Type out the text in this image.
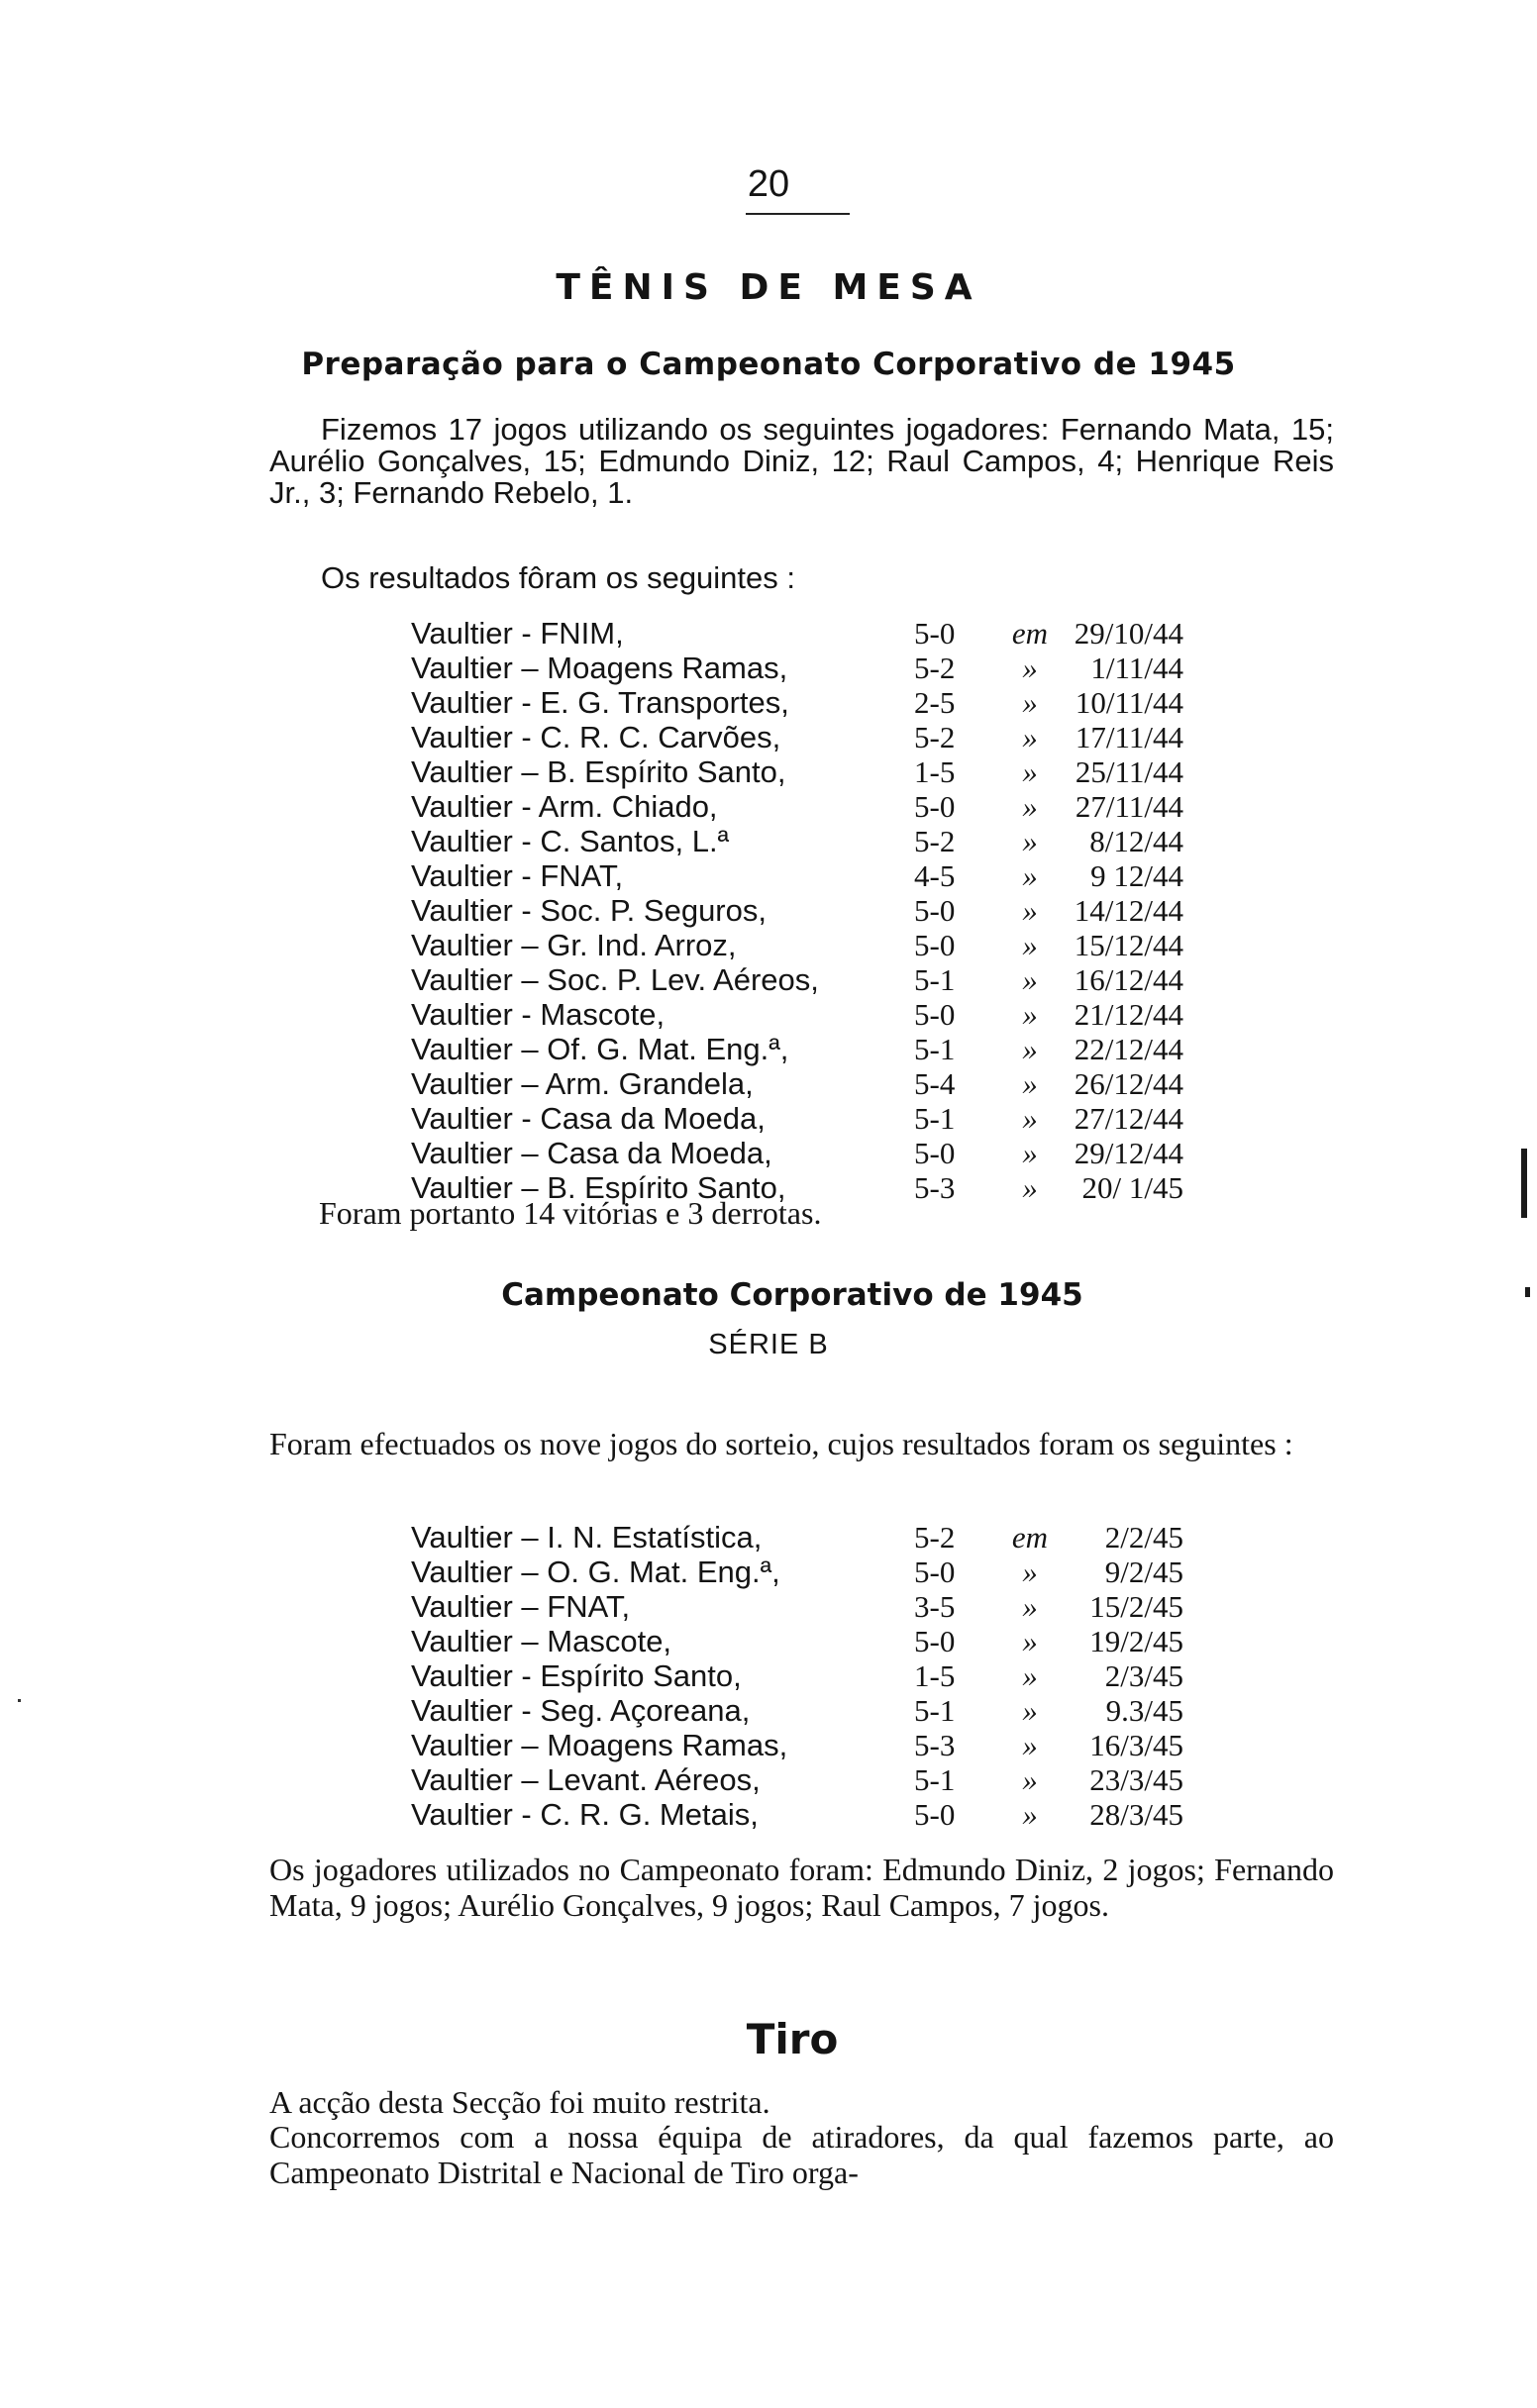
20
TÊNIS DE MESA
Preparação para o Campeonato Corporativo de 1945
Fizemos 17 jogos utilizando os seguintes jogadores: Fernando Mata, 15; Aurélio Gonçalves, 15; Edmundo Diniz, 12; Raul Campos, 4; Henrique Reis Jr., 3; Fernando Rebelo, 1.
Os resultados fôram os seguintes :
Vaultier - FNIM,	5-0 em 29/10/44
Vaultier – Moagens Ramas,	5-2	»	1/11/44
Vaultier - E. G. Transportes,	2-5	»	10/11/44
Vaultier - C. R. C. Carvões,	5-2	»	17/11/44
Vaultier – B. Espírito Santo,	1-5	»	25/11/44
Vaultier - Arm. Chiado,	5-0	»	27/11/44
Vaultier - C. Santos, L.ª	5-2	»	8/12/44
Vaultier - FNAT,	4-5	»	9 12/44
Vaultier - Soc. P. Seguros,	5-0	»	14/12/44
Vaultier – Gr. Ind. Arroz,	5-0	»	15/12/44
Vaultier – Soc. P. Lev. Aéreos,	5-1	»	16/12/44
Vaultier - Mascote,	5-0	»	21/12/44
Vaultier – Of. G. Mat. Eng.ª,	5-1	»	22/12/44
Vaultier – Arm. Grandela,	5-4	»	26/12/44
Vaultier - Casa da Moeda,	5-1	»	27/12/44
Vaultier – Casa da Moeda,	5-0	»	29/12/44
Vaultier – B. Espírito Santo,	5-3	»	20/ 1/45
Foram portanto 14 vitórias e 3 derrotas.
Campeonato Corporativo de 1945
SÉRIE B
Foram efectuados os nove jogos do sorteio, cujos resultados foram os seguintes :
Vaultier – I. N. Estatística,	5-2 em 2/2/45
Vaultier – O. G. Mat. Eng.ª,	5-0	»	9/2/45
Vaultier – FNAT,	3-5	»	15/2/45
Vaultier – Mascote,	5-0	»	19/2/45
Vaultier - Espírito Santo,	1-5	»	2/3/45
Vaultier - Seg. Açoreana,	5-1	»	9.3/45
Vaultier – Moagens Ramas,	5-3	»	16/3/45
Vaultier – Levant. Aéreos,	5-1	»	23/3/45
Vaultier - C. R. G. Metais,	5-0	»	28/3/45
Os jogadores utilizados no Campeonato foram: Edmundo Diniz, 2 jogos; Fernando Mata, 9 jogos; Aurélio Gonçalves, 9 jogos; Raul Campos, 7 jogos.
Tiro
A acção desta Secção foi muito restrita.
Concorremos com a nossa équipa de atiradores, da qual fazemos parte, ao Campeonato Distrital e Nacional de Tiro orga-
